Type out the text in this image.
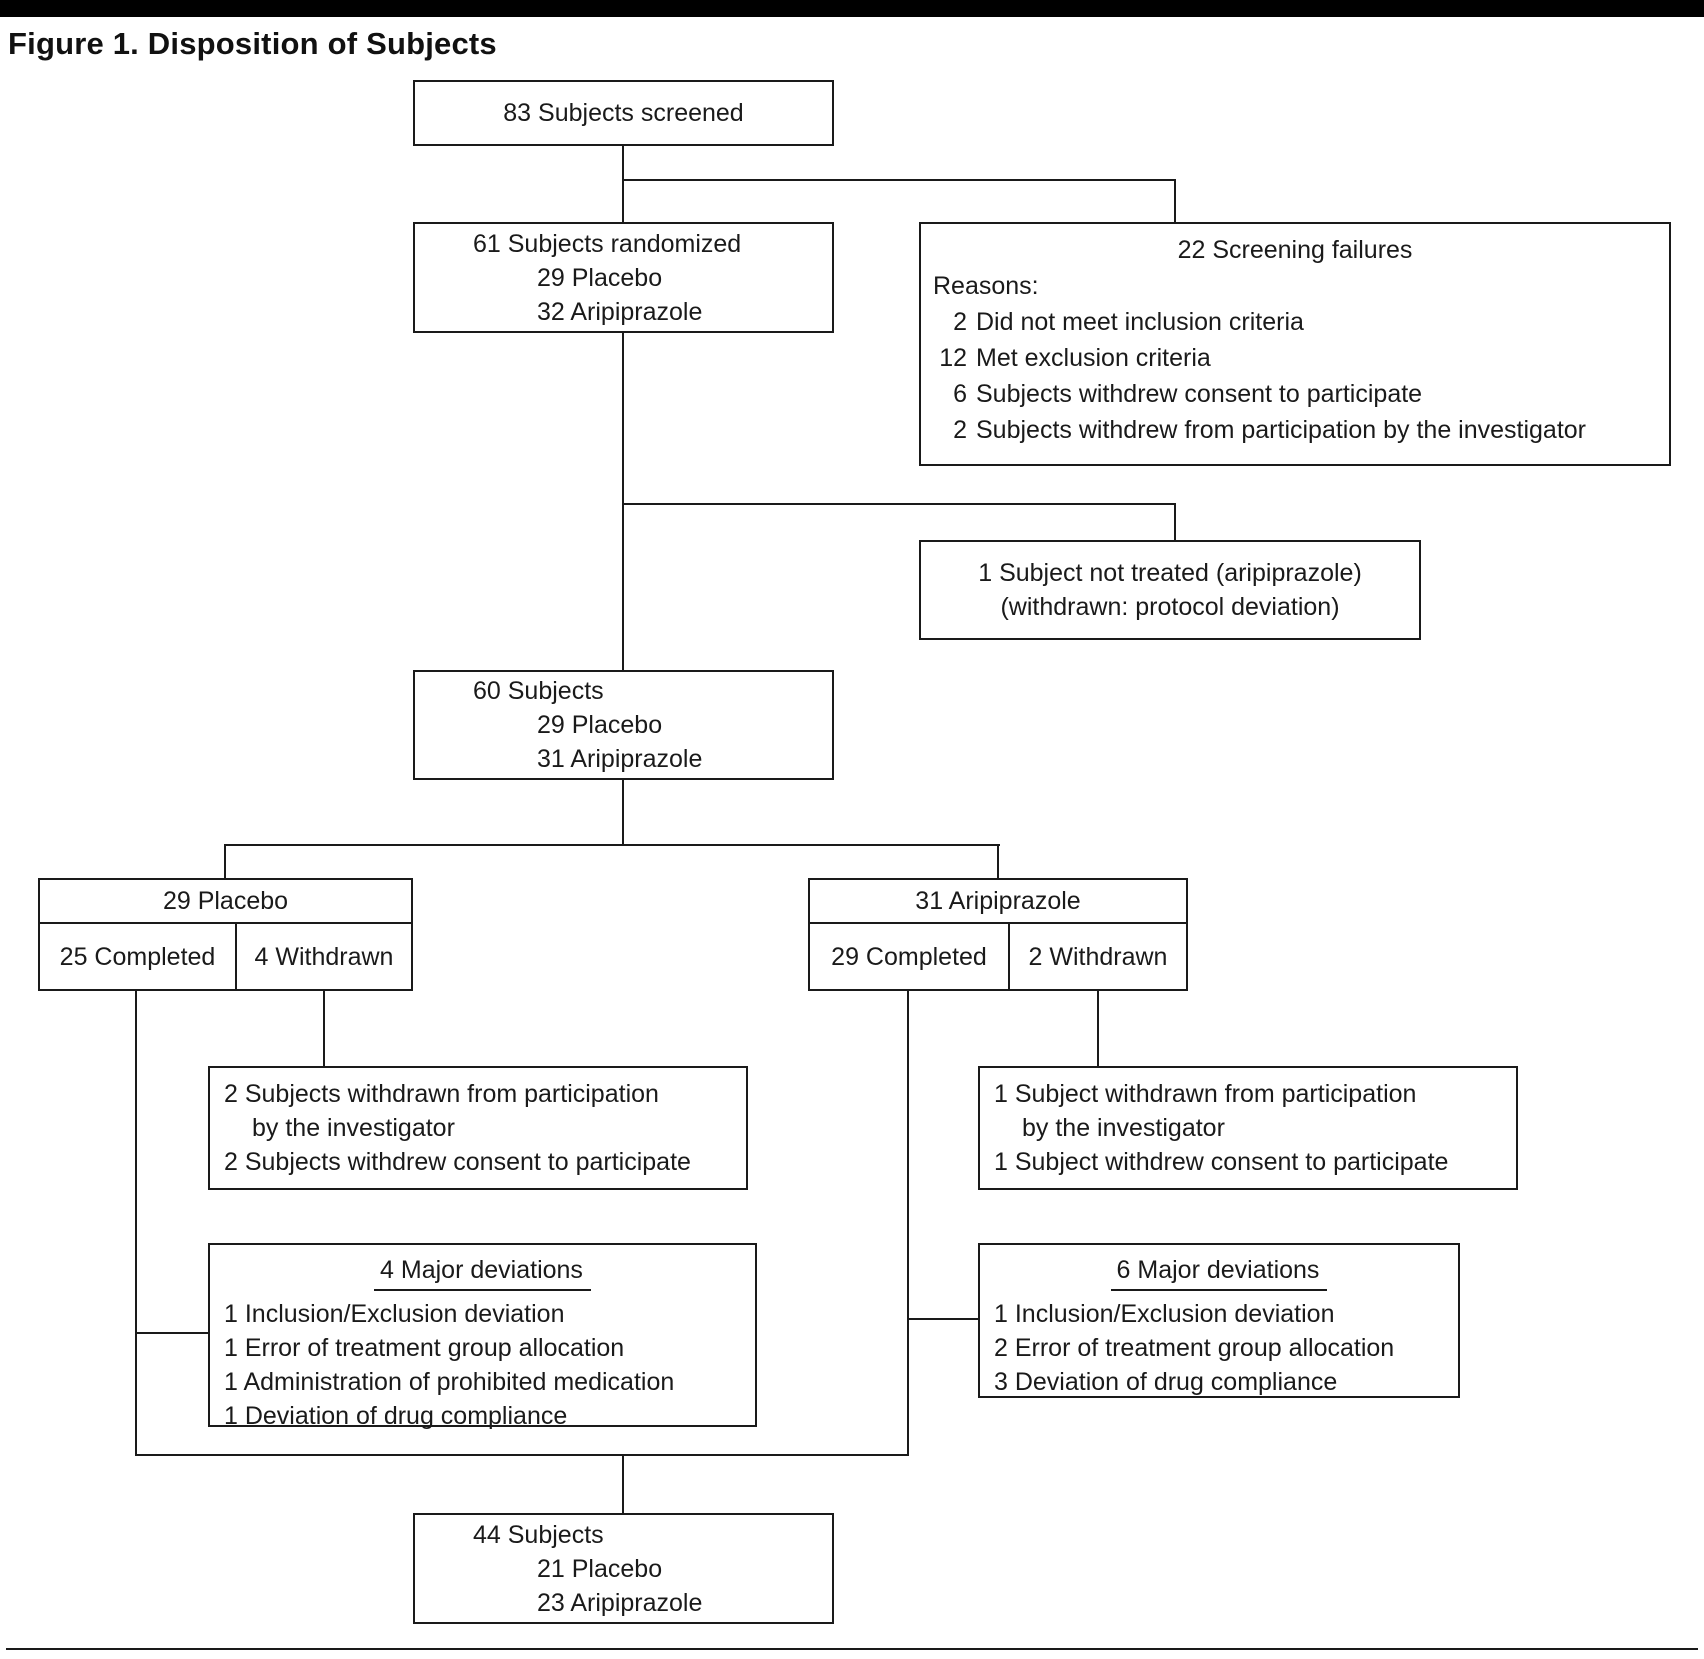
Figure 1. Disposition of Subjects
83 Subjects screened
61 Subjects randomized
29 Placebo
32 Aripiprazole
22 Screening failures
Reasons:
2 Did not meet inclusion criteria
12 Met exclusion criteria
6 Subjects withdrew consent to participate
2 Subjects withdrew from participation by the investigator
1 Subject not treated (aripiprazole)
(withdrawn: protocol deviation)
60 Subjects
29 Placebo
31 Aripiprazole
29 Placebo
25 Completed 4 Withdrawn
31 Aripiprazole
29 Completed 2 Withdrawn
2 Subjects withdrawn from participation
by the investigator
2 Subjects withdrew consent to participate
1 Subject withdrawn from participation
by the investigator
1 Subject withdrew consent to participate
4 Major deviations
1 Inclusion/Exclusion deviation
1 Error of treatment group allocation
1 Administration of prohibited medication
1 Deviation of drug compliance
6 Major deviations
1 Inclusion/Exclusion deviation
2 Error of treatment group allocation
3 Deviation of drug compliance
44 Subjects
21 Placebo
23 Aripiprazole
